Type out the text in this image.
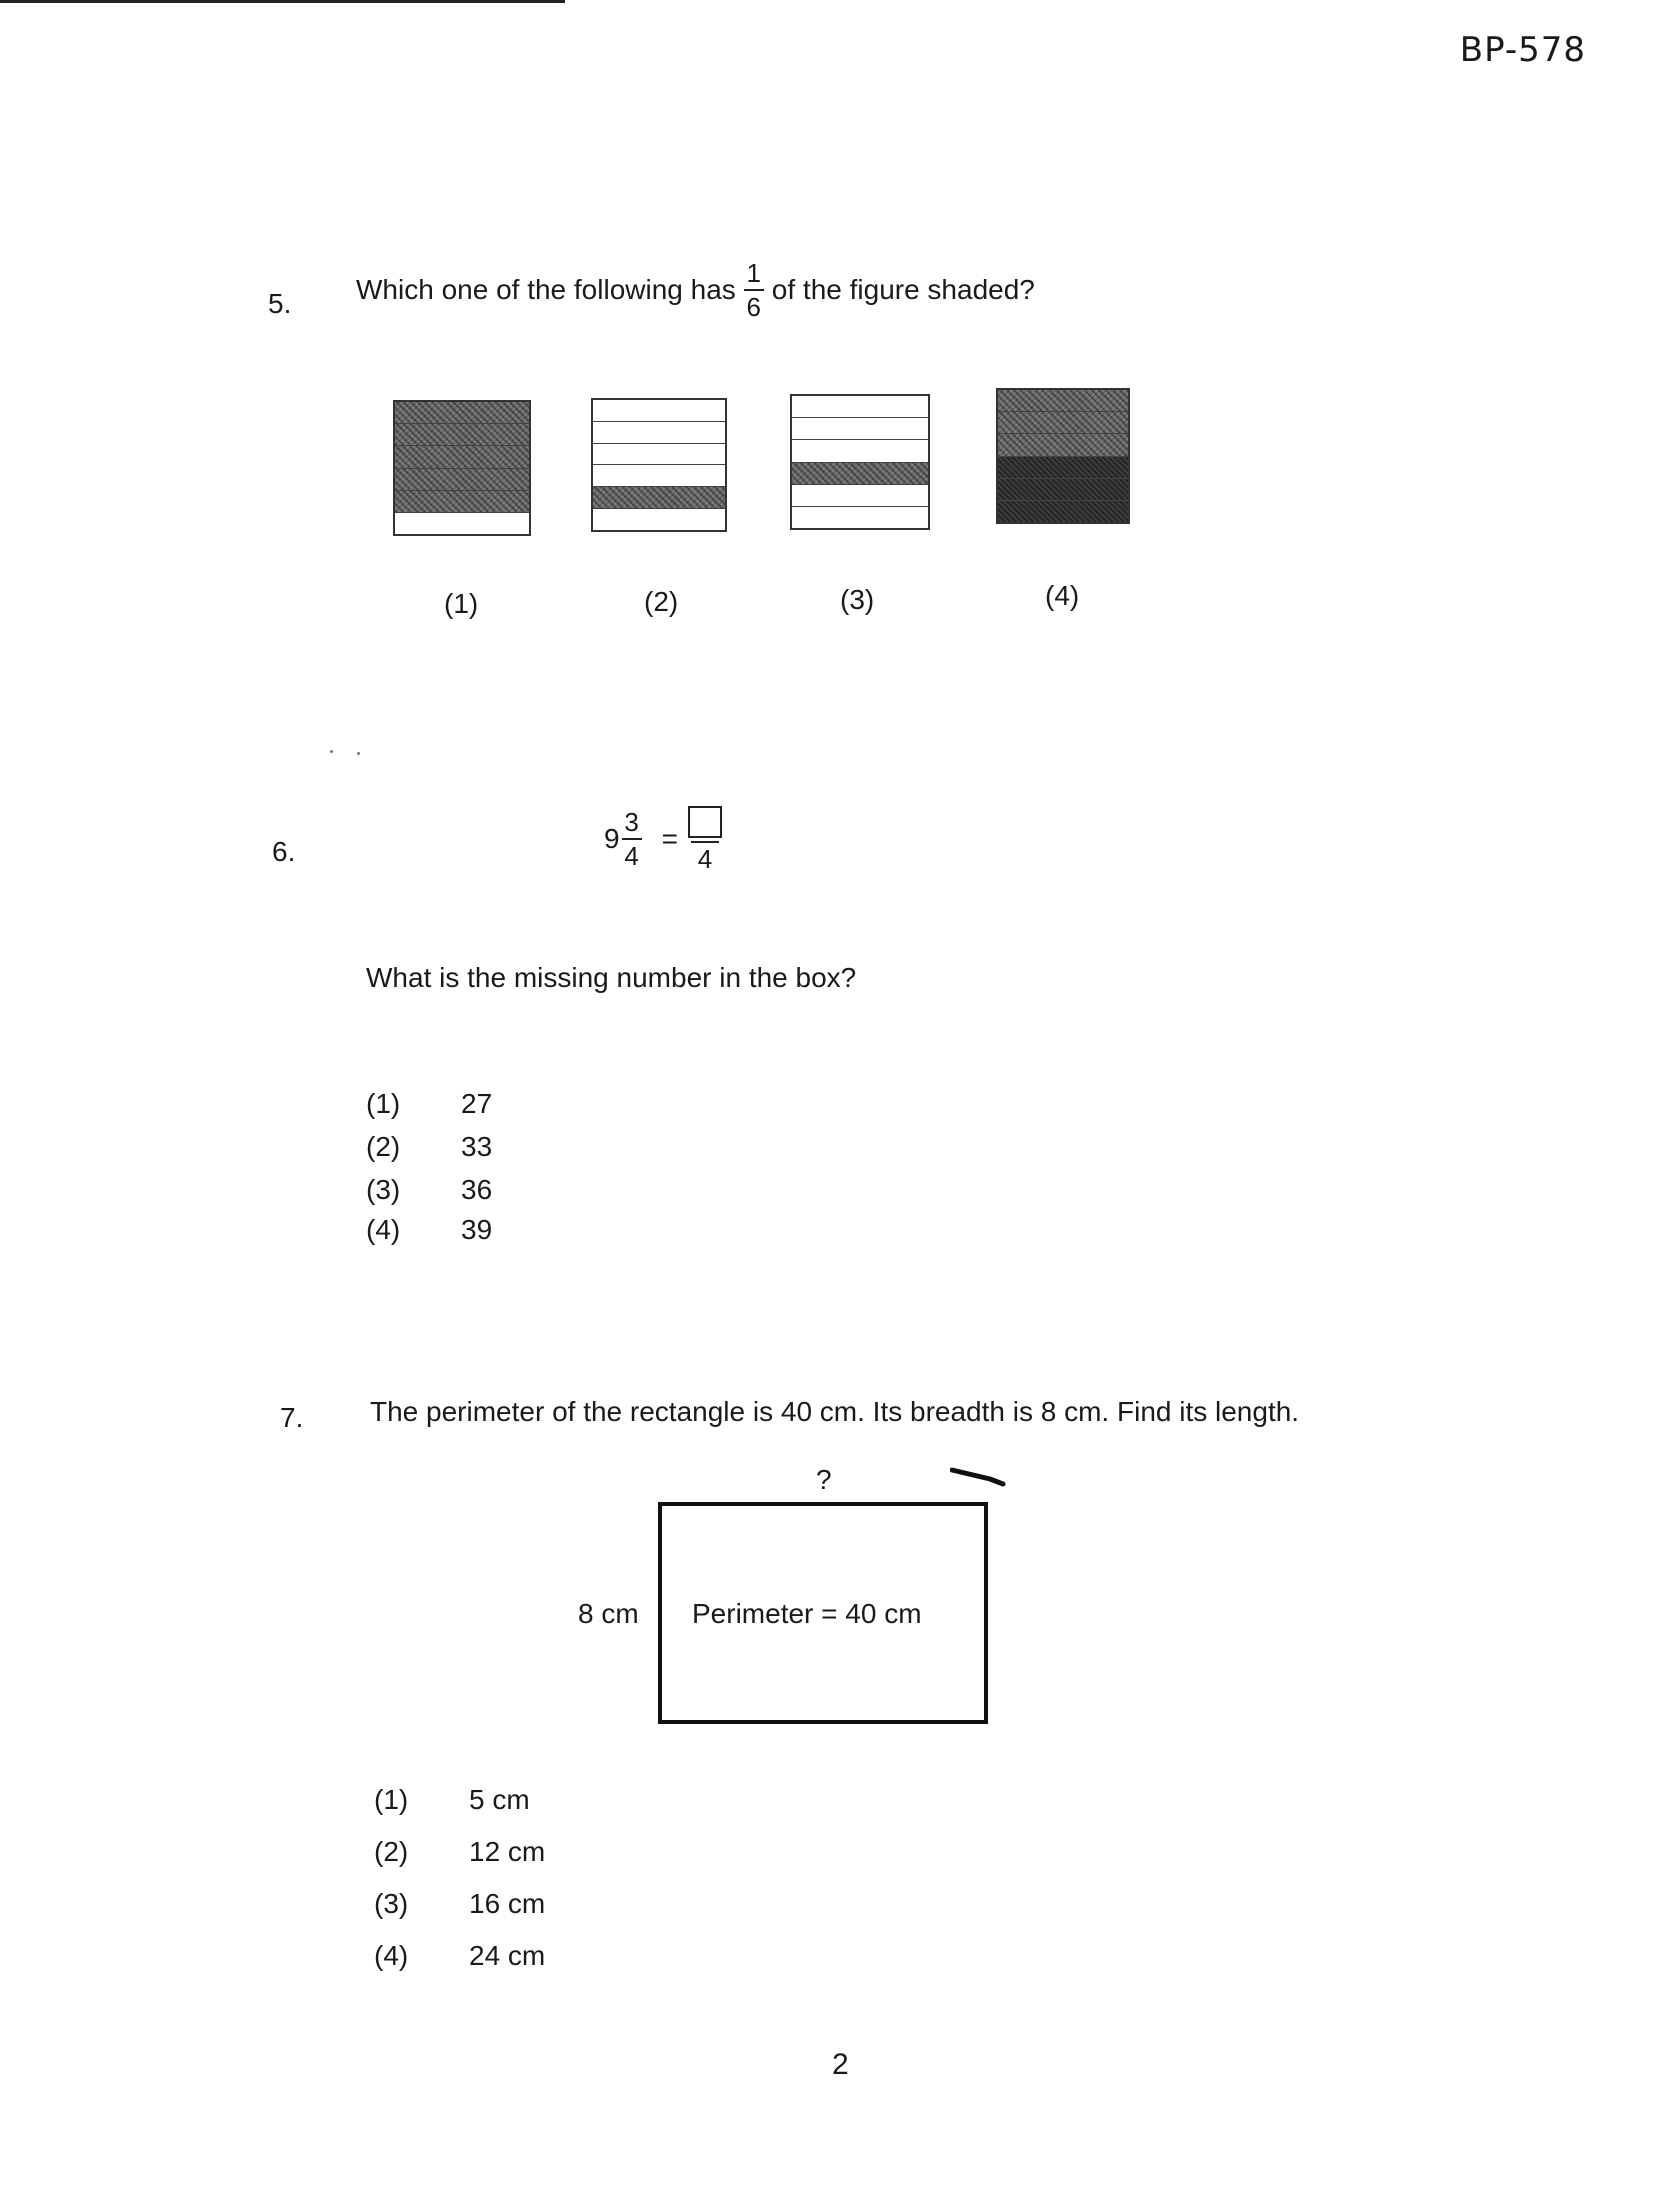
BP-578
5. Which one of the following has $\frac{1}{6}$ of the figure shaded?
(1)	(2)	(3)	(4)
6.	$9 \frac{3}{4}$ =
4
What is the missing number in the box?
(1)	27
(2)	33
(3)	36
(4)	39
7. The perimeter of the rectangle is 40 cm. Its breadth is 8 cm. Find its length.
?
8 cm Perimeter = 40 cm
(1)	5 cm
(2)	12 cm
(3)	16 cm
(4)	24 cm
2
